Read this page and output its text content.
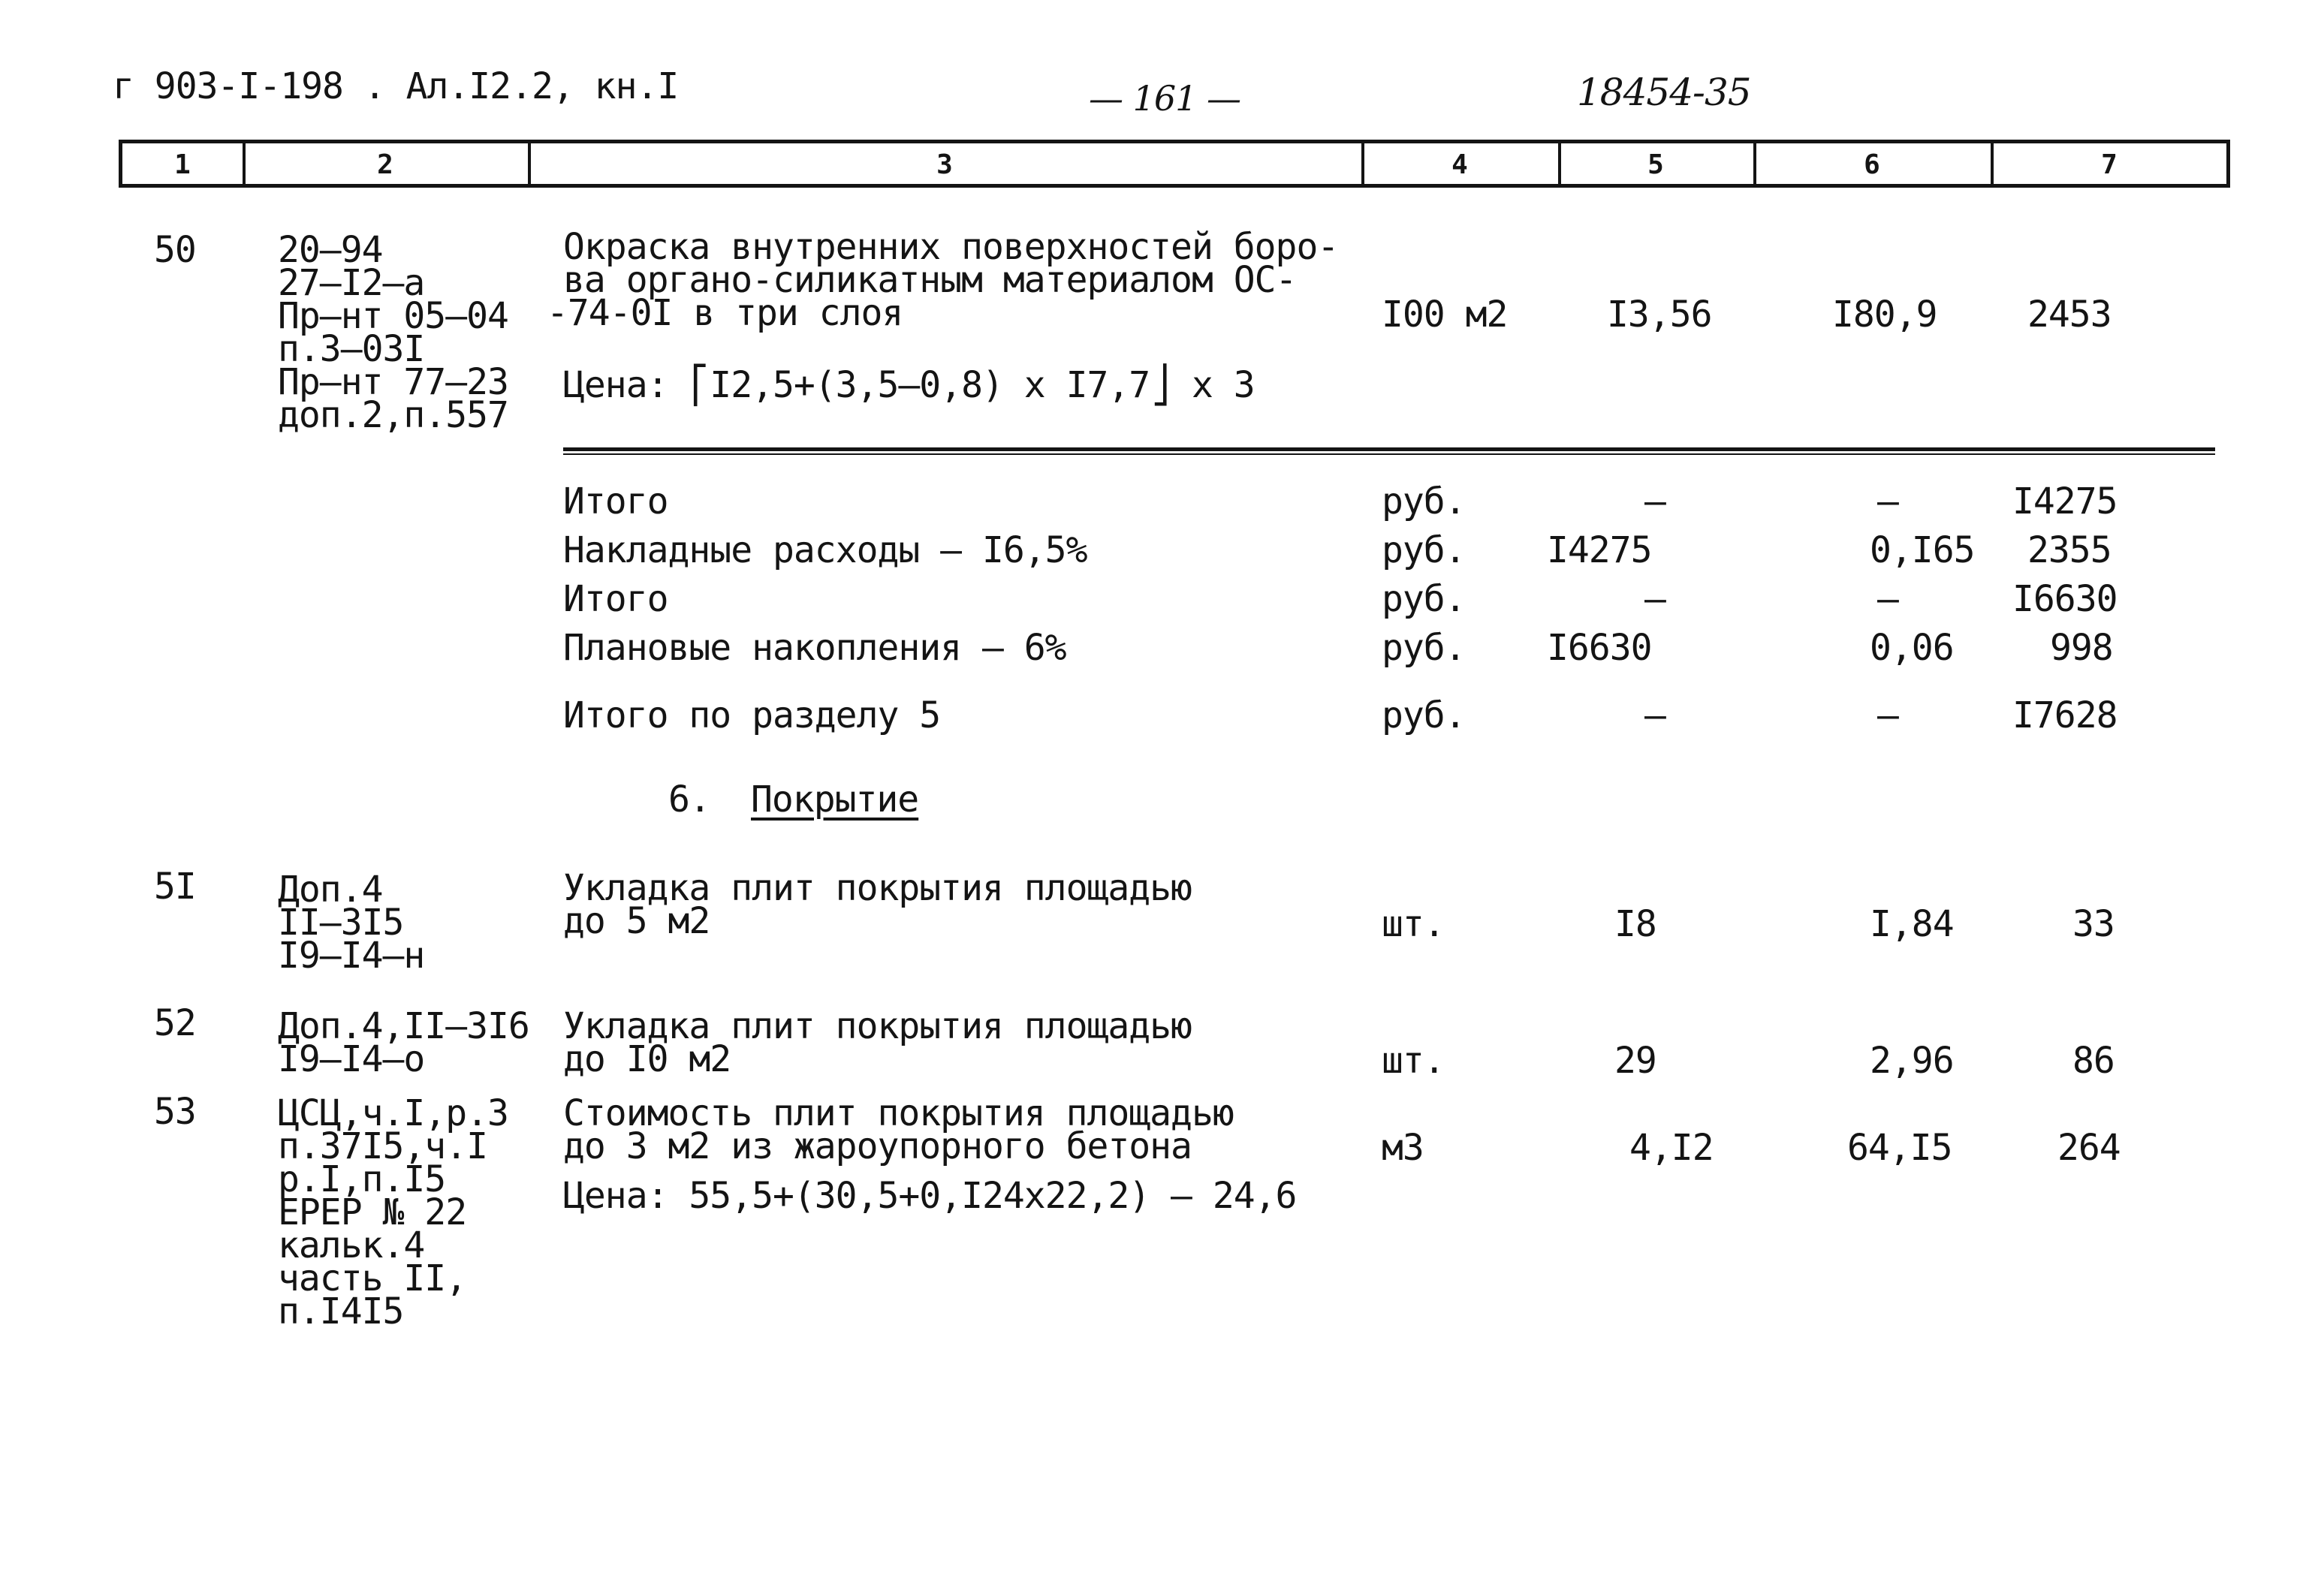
г 903-I-198 . Ал.I2.2, кн.I	— 161 —	18454-35
1	2	3	4	5	6	7
50 20–94
27–I2–a
Пр–нт 05–04
п.3–03I
Пр–нт 77–23
доп.2,п.557
Окраска внутренних поверхностей боро-
ва органо-силикатным материалом ОС-
-74-0I в три слоя
Цена: ⎡I2,5+(3,5–0,8) x I7,7⎦ x 3
I00 м2	I3,56	I80,9	2453
Итого	руб.	–	–	I4275
Накладные расходы – I6,5%	руб. I4275	0,I65 2355
Итого	руб.	–	–	I6630
Плановые накопления – 6%	руб. I6630	0,06	998
Итого по разделу 5	руб.	–	–	I7628
6. Покрытие
5I Доп.4
II–3I5
I9–I4–н
Укладка плит покрытия площадью
до 5 м2	шт.	I8	I,84	33
52 Доп.4,II–3I6
I9–I4–о
Укладка плит покрытия площадью
до I0 м2	шт.	29	2,96	86
53 ЦСЦ,ч.I,р.3
п.37I5,ч.I
р.I,п.I5
ЕРЕР № 22
кальк.4
часть II,
п.I4I5
Стоимость плит покрытия площадью
до 3 м2 из жароупорного бетона
Цена: 55,5+(30,5+0,I24x22,2) – 24,6
м3	4,I2	64,I5	264
